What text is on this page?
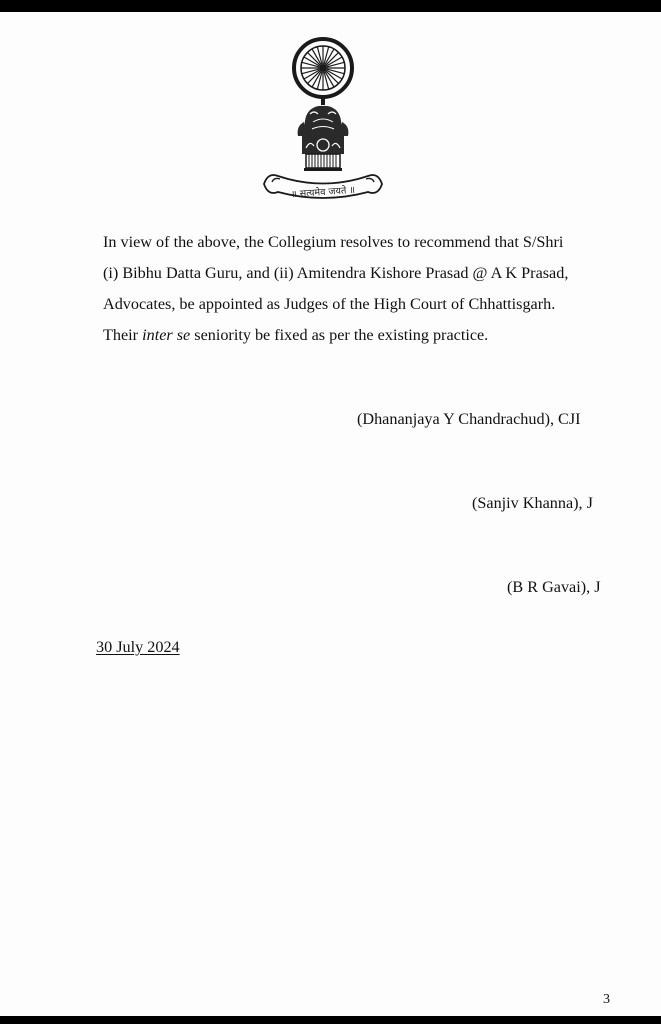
॥ सत्यमेव जयते ॥

In view of the above, the Collegium resolves to recommend that S/Shri
(i) Bibhu Datta Guru, and (ii) Amitendra Kishore Prasad @ A K Prasad,
Advocates, be appointed as Judges of the High Court of Chhattisgarh.
Their inter se seniority be fixed as per the existing practice.

(Dhananjaya Y Chandrachud), CJI
(Sanjiv Khanna), J
(B R Gavai), J
30 July 2024
3
